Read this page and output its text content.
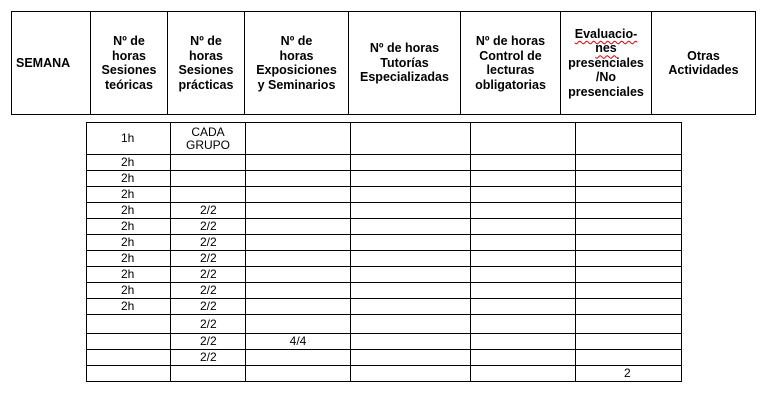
SEMANA	Nº de
horas
Sesiones
teóricas	Nº de
horas
Sesiones
prácticas	Nº de
horas
Exposiciones
y Seminarios	Nº de horas
Tutorías
Especializadas	Nº de horas
Control de
lecturas
obligatorias	Evaluacio-
nes
presenciales
/No
presenciales	Otras
Actividades
1h	CADA
GRUPO				
2h					
2h					
2h					
2h	2/2				
2h	2/2				
2h	2/2				
2h	2/2				
2h	2/2				
2h	2/2				
2h	2/2				
	2/2				
	2/2	4/4			
	2/2				
					2
